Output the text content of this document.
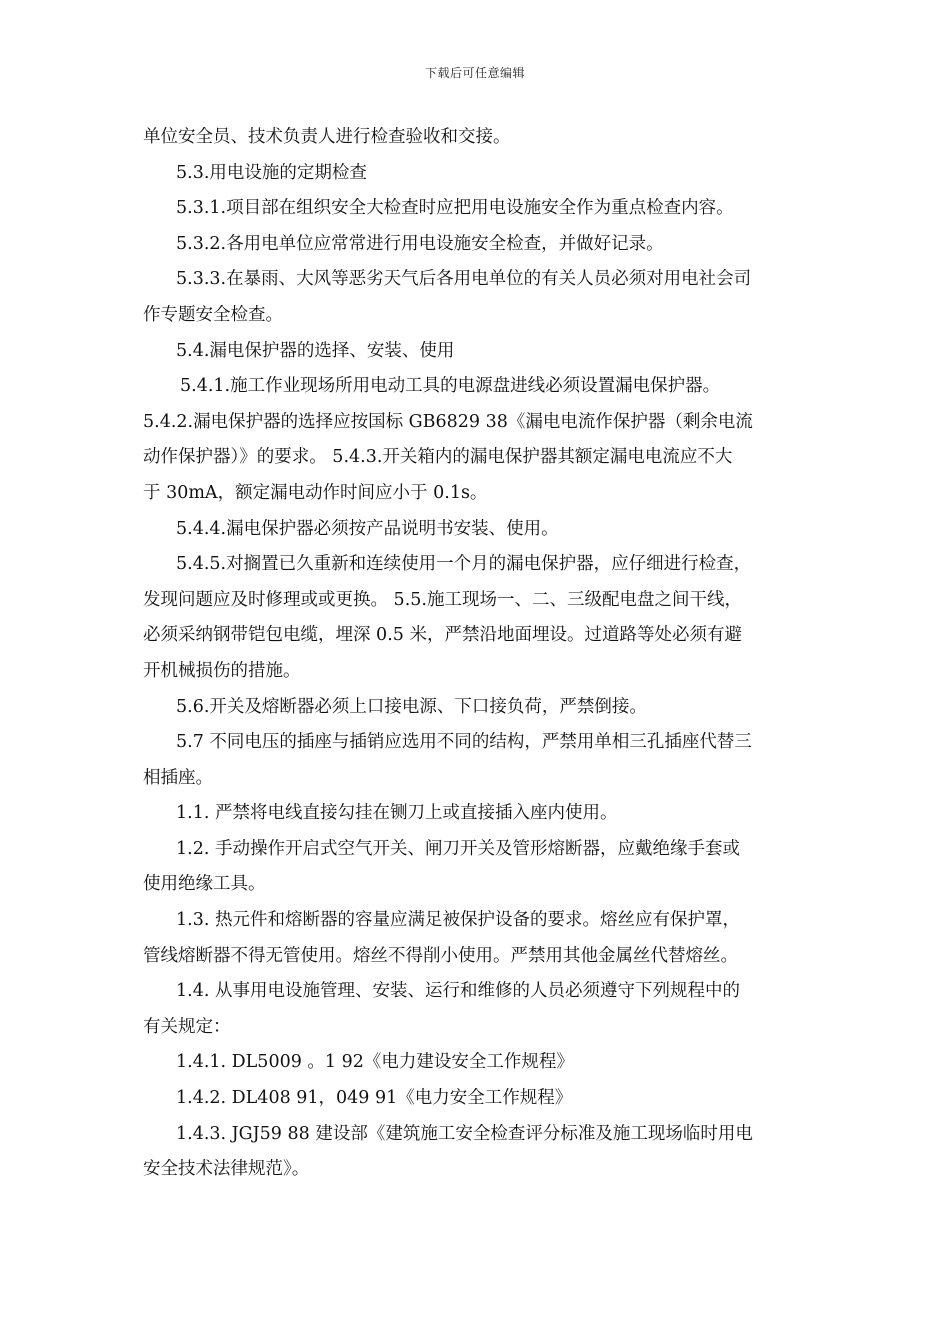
下载后可任意编辑
单位安全员、技术负责人进行检查验收和交接。
5.3.用电设施的定期检查
5.3.1.项目部在组织安全大检查时应把用电设施安全作为重点检查内容。
5.3.2.各用电单位应常常进行用电设施安全检查，并做好记录。
5.3.3.在暴雨、大风等恶劣天气后各用电单位的有关人员必须对用电社会司
作专题安全检查。
5.4.漏电保护器的选择、安装、使用
5.4.1.施工作业现场所用电动工具的电源盘进线必须设置漏电保护器。
5.4.2.漏电保护器的选择应按国标 GB6829 38《漏电电流作保护器（剩余电流
动作保护器）》的要求。 5.4.3.开关箱内的漏电保护器其额定漏电电流应不大
于 30mA，额定漏电动作时间应小于 0.1s。
5.4.4.漏电保护器必须按产品说明书安装、使用。
5.4.5.对搁置已久重新和连续使用一个月的漏电保护器，应仔细进行检查，
发现问题应及时修理或或更换。 5.5.施工现场一、二、三级配电盘之间干线，
必须采纳钢带铠包电缆，埋深 0.5 米，严禁沿地面埋设。过道路等处必须有避
开机械损伤的措施。
5.6.开关及熔断器必须上口接电源、下口接负荷，严禁倒接。
5.7 不同电压的插座与插销应选用不同的结构，严禁用单相三孔插座代替三
相插座。
1.1. 严禁将电线直接勾挂在铡刀上或直接插入座内使用。
1.2. 手动操作开启式空气开关、闸刀开关及管形熔断器，应戴绝缘手套或
使用绝缘工具。
1.3. 热元件和熔断器的容量应满足被保护设备的要求。熔丝应有保护罩，
管线熔断器不得无管使用。熔丝不得削小使用。严禁用其他金属丝代替熔丝。
1.4. 从事用电设施管理、安装、运行和维修的人员必须遵守下列规程中的
有关规定：
1.4.1. DL5009 。1 92《电力建设安全工作规程》
1.4.2. DL408 91，049 91《电力安全工作规程》
1.4.3. JGJ59 88 建设部《建筑施工安全检查评分标准及施工现场临时用电
安全技术法律规范》。
